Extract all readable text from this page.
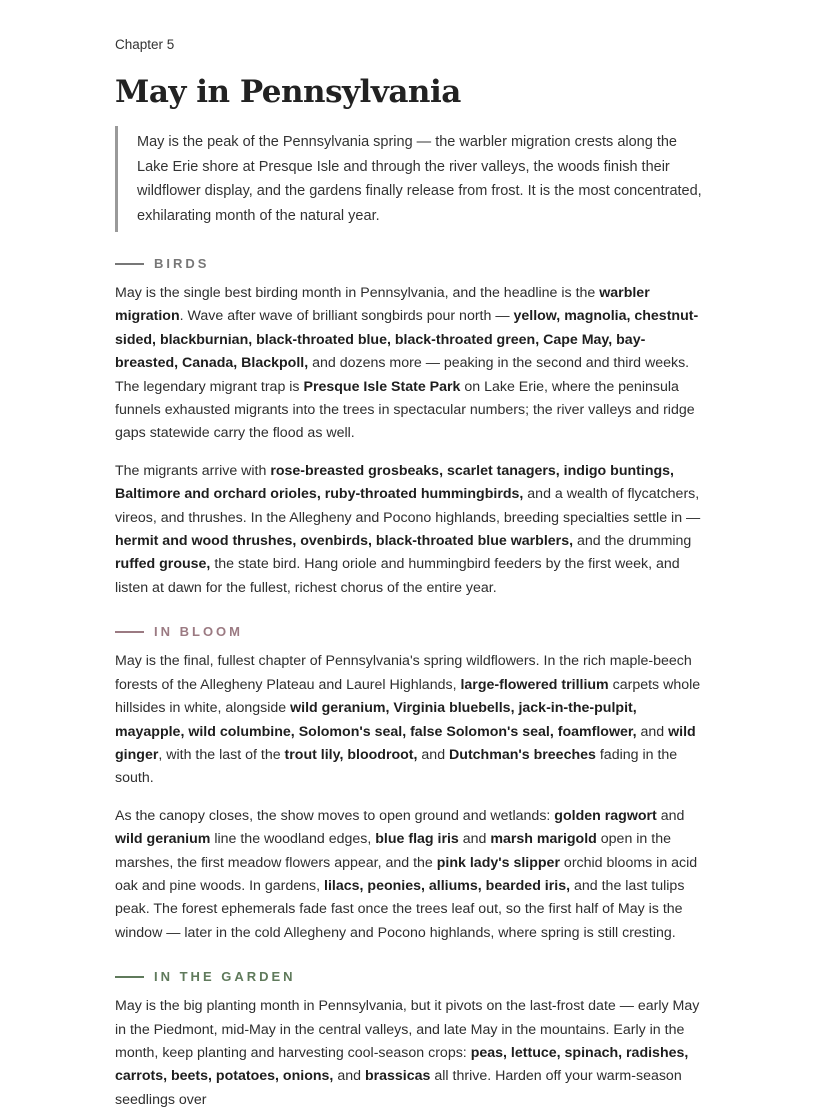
Chapter 5

May in Pennsylvania
May is the peak of the Pennsylvania spring — the warbler migration crests along the Lake Erie shore at Presque Isle and through the river valleys, the woods finish their wildflower display, and the gardens finally release from frost. It is the most concentrated, exhilarating month of the natural year.
BIRDS

May is the single best birding month in Pennsylvania, and the headline is the warbler migration. Wave after wave of brilliant songbirds pour north — yellow, magnolia, chestnut-sided, blackburnian, black-throated blue, black-throated green, Cape May, bay-breasted, Canada, Blackpoll, and dozens more — peaking in the second and third weeks. The legendary migrant trap is Presque Isle State Park on Lake Erie, where the peninsula funnels exhausted migrants into the trees in spectacular numbers; the river valleys and ridge gaps statewide carry the flood as well.

The migrants arrive with rose-breasted grosbeaks, scarlet tanagers, indigo buntings, Baltimore and orchard orioles, ruby-throated hummingbirds, and a wealth of flycatchers, vireos, and thrushes. In the Allegheny and Pocono highlands, breeding specialties settle in — hermit and wood thrushes, ovenbirds, black-throated blue warblers, and the drumming ruffed grouse, the state bird. Hang oriole and hummingbird feeders by the first week, and listen at dawn for the fullest, richest chorus of the entire year.

IN BLOOM

May is the final, fullest chapter of Pennsylvania's spring wildflowers. In the rich maple-beech forests of the Allegheny Plateau and Laurel Highlands, large-flowered trillium carpets whole hillsides in white, alongside wild geranium, Virginia bluebells, jack-in-the-pulpit, mayapple, wild columbine, Solomon's seal, false Solomon's seal, foamflower, and wild ginger, with the last of the trout lily, bloodroot, and Dutchman's breeches fading in the south.

As the canopy closes, the show moves to open ground and wetlands: golden ragwort and wild geranium line the woodland edges, blue flag iris and marsh marigold open in the marshes, the first meadow flowers appear, and the pink lady's slipper orchid blooms in acid oak and pine woods. In gardens, lilacs, peonies, alliums, bearded iris, and the last tulips peak. The forest ephemerals fade fast once the trees leaf out, so the first half of May is the window — later in the cold Allegheny and Pocono highlands, where spring is still cresting.

IN THE GARDEN

May is the big planting month in Pennsylvania, but it pivots on the last-frost date — early May in the Piedmont, mid-May in the central valleys, and late May in the mountains. Early in the month, keep planting and harvesting cool-season crops: peas, lettuce, spinach, radishes, carrots, beets, potatoes, onions, and brassicas all thrive. Harden off your warm-season seedlings over
